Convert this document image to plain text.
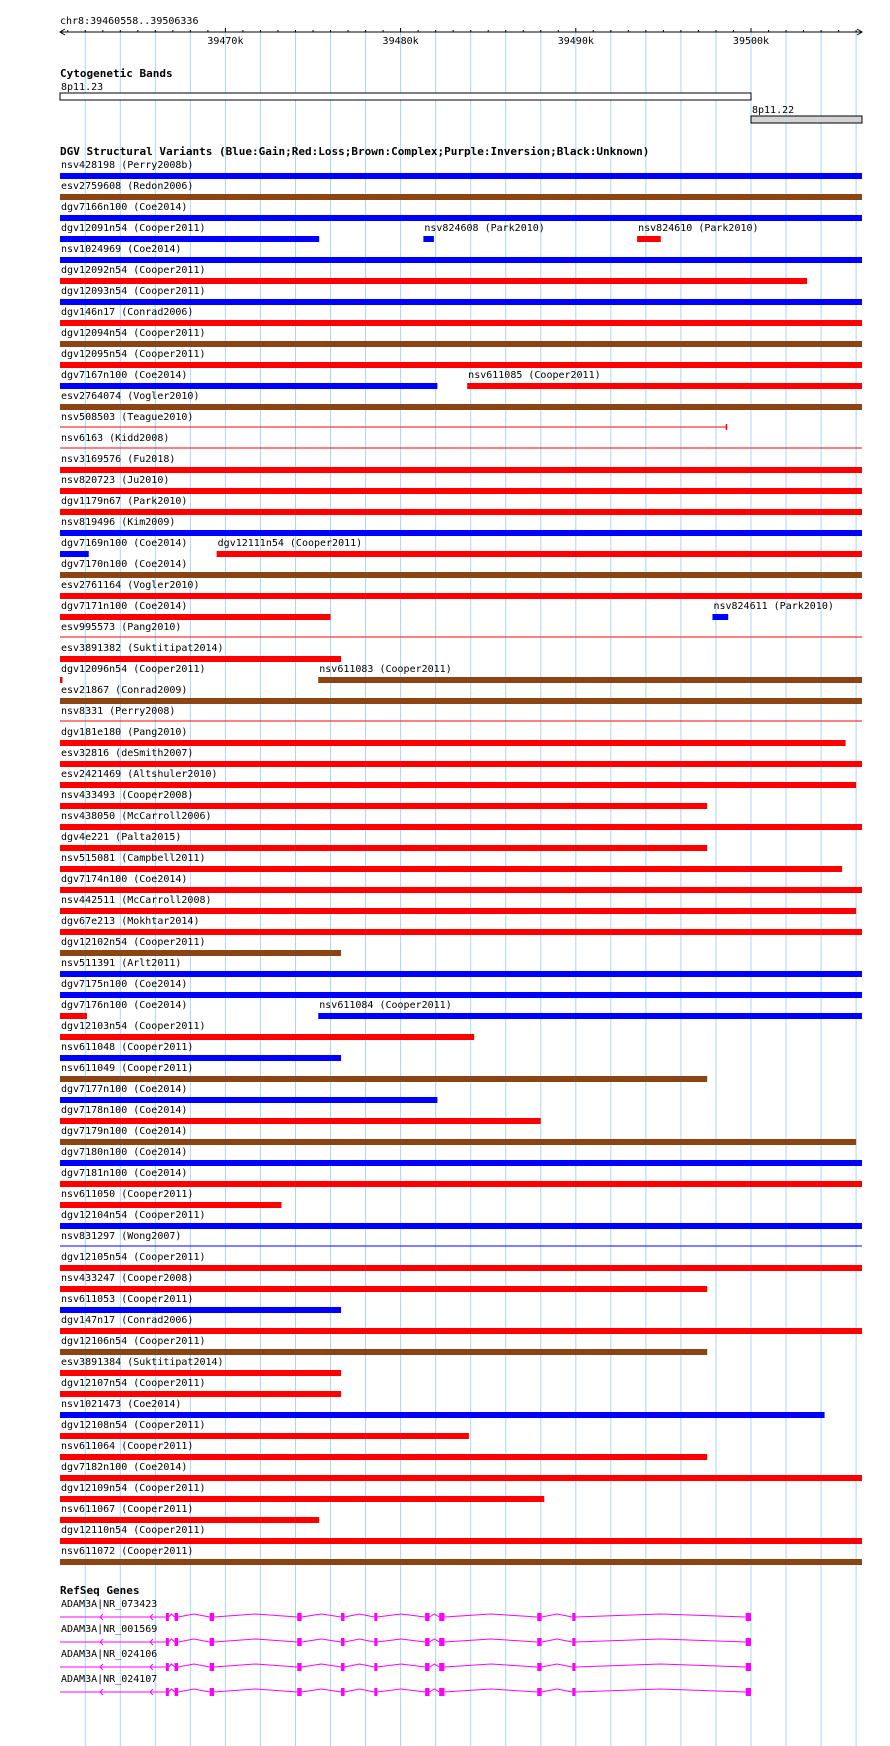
chr8:39460558..39506336
39470k	39480k	39490k	39500k
Cytogenetic Bands
8p11.23
8p11.22
DGV Structural Variants (Blue:Gain;Red:Loss;Brown:Complex;Purple:Inversion;Black:Unknown)
nsv428198 (Perry2008b)
esv2759608 (Redon2006)
dgv7166n100 (Coe2014)
dgv12091n54 (Cooper2011)	nsv824608 (Park2010)	nsv824610 (Park2010)
nsv1024969 (Coe2014)
dgv12092n54 (Cooper2011)
dgv12093n54 (Cooper2011)
dgv146n17 (Conrad2006)
dgv12094n54 (Cooper2011)
dgv12095n54 (Cooper2011)
dgv7167n100 (Coe2014)	nsv611085 (Cooper2011)
esv2764074 (Vogler2010)
nsv508503 (Teague2010)
nsv6163 (Kidd2008)
nsv3169576 (Fu2018)
nsv820723 (Ju2010)
dgv1179n67 (Park2010)
nsv819496 (Kim2009)
dgv7169n100 (Coe2014)	dgv12111n54 (Cooper2011)
dgv7170n100 (Coe2014)
esv2761164 (Vogler2010)
dgv7171n100 (Coe2014)	nsv824611 (Park2010)
esv995573 (Pang2010)
esv3891382 (Suktitipat2014)
dgv12096n54 (Cooper2011)	nsv611083 (Cooper2011)
esv21867 (Conrad2009)
nsv8331 (Perry2008)
dgv181e180 (Pang2010)
esv32816 (deSmith2007)
esv2421469 (Altshuler2010)
nsv433493 (Cooper2008)
nsv438050 (McCarroll2006)
dgv4e221 (Palta2015)
nsv515081 (Campbell2011)
dgv7174n100 (Coe2014)
nsv442511 (McCarroll2008)
dgv67e213 (Mokhtar2014)
dgv12102n54 (Cooper2011)
nsv511391 (Arlt2011)
dgv7175n100 (Coe2014)
dgv7176n100 (Coe2014)	nsv611084 (Cooper2011)
dgv12103n54 (Cooper2011)
nsv611048 (Cooper2011)
nsv611049 (Cooper2011)
dgv7177n100 (Coe2014)
dgv7178n100 (Coe2014)
dgv7179n100 (Coe2014)
dgv7180n100 (Coe2014)
dgv7181n100 (Coe2014)
nsv611050 (Cooper2011)
dgv12104n54 (Cooper2011)
nsv831297 (Wong2007)
dgv12105n54 (Cooper2011)
nsv433247 (Cooper2008)
nsv611053 (Cooper2011)
dgv147n17 (Conrad2006)
dgv12106n54 (Cooper2011)
esv3891384 (Suktitipat2014)
dgv12107n54 (Cooper2011)
nsv1021473 (Coe2014)
dgv12108n54 (Cooper2011)
nsv611064 (Cooper2011)
dgv7182n100 (Coe2014)
dgv12109n54 (Cooper2011)
nsv611067 (Cooper2011)
dgv12110n54 (Cooper2011)
nsv611072 (Cooper2011)
RefSeq Genes
ADAM3A|NR_073423
ADAM3A|NR_001569
ADAM3A|NR_024106
ADAM3A|NR_024107
